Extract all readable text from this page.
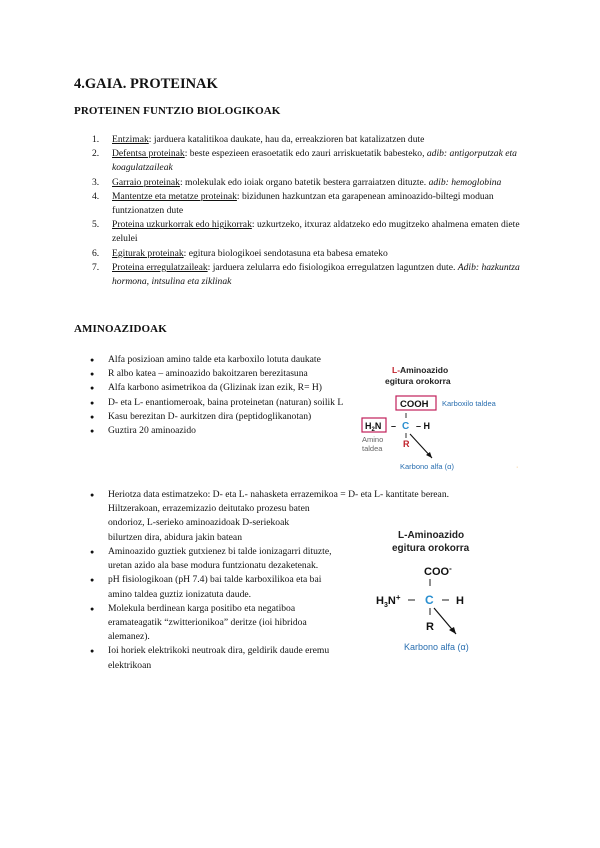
4.GAIA. PROTEINAK
PROTEINEN FUNTZIO BIOLOGIKOAK
1. Entzimak: jarduera katalitikoa daukate, hau da, erreakzioren bat katalizatzen dute
2. Defentsa proteinak: beste espezieen erasoetatik edo zauri arriskuetatik babesteko, adib: antigorputzak eta koagulatzaileak
3. Garraio proteinak: molekulak edo ioiak organo batetik bestera garraiatzen dituzte. adib: hemoglobina
4. Mantentze eta metatze proteinak: bizidunen hazkuntzan eta garapenean aminoazido-biltegi moduan funtzionatzen dute
5. Proteina uzkurkorrak edo higikorrak: uzkurtzeko, itxuraz aldatzeko edo mugitzeko ahalmena ematen diete zelulei
6. Egiturak proteinak: egitura biologikoei sendotasuna eta babesa emateko
7. Proteina erregulatzaileak: jarduera zelularra edo fisiologikoa erregulatzen laguntzen dute. Adib: hazkuntza hormona, intsulina eta ziklinak
AMINOAZIDOAK
● Alfa posizioan amino talde eta karboxilo lotuta daukate
● R albo katea – aminoazido bakoitzaren berezitasuna
● Alfa karbono asimetrikoa da (Glizinak izan ezik, R= H)
● D- eta L- enantiomeroak, baina proteinetan (naturan) soilik L
● Kasu berezitan D- aurkitzen dira (peptidoglikanotan)
● Guztira 20 aminoazido
● Heriotza data estimatzeko: D- eta L- nahasketa errazemikoa = D- eta L- kantitate berean.
Hiltzerakoan, errazemizazio deitutako prozesu baten
ondorioz, L-serieko aminoazidoak D-seriekoak
bilurtzen dira, abidura jakin batean
● Aminoazido guztiek gutxienez bi talde ionizagarri dituzte, uretan azido ala base modura funtzionatu dezaketenak.
● pH fisiologikoan (pH 7.4) bai talde karboxilikoa eta bai amino taldea guztiz ionizatuta daude.
● Molekula berdinean karga positibo eta negatiboa eramateagatik “zwitterionikoa” deritze (ioi hibridoa alemanez).
● Ioi horiek elektrikoki neutroak dira, geldirik daude eremu elektrikoan
L- Aminoazido
egitura orokorra
COOH Karboxilo taldea
$H_2N$ – C – H
R
Amino
taldea
Karbono alfa (α)	·
L-Aminoazido
egitura orokorra
COO-
$H_3N^+$ C H
R
Karbono alfa (α)
